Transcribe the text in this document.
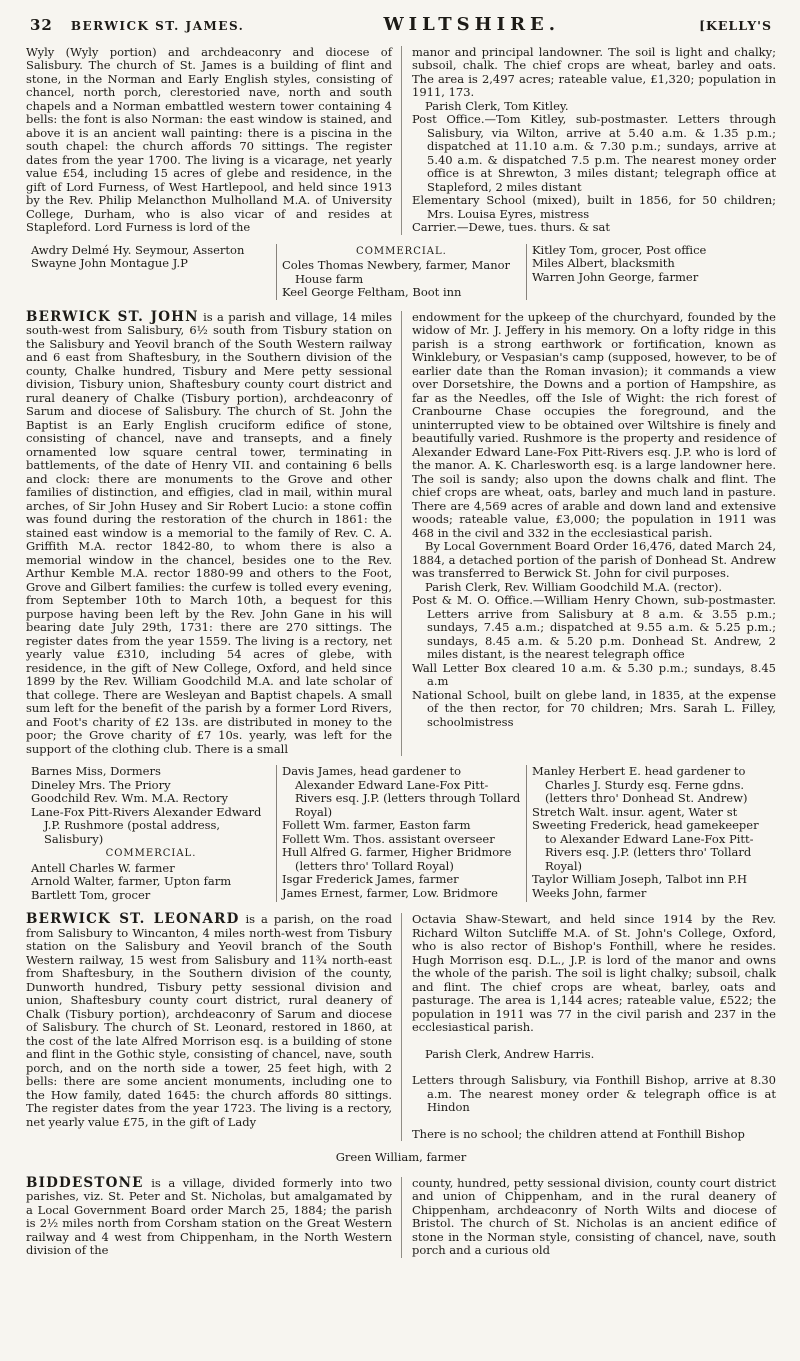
32 BERWICK ST. JAMES.	WILTSHIRE.	[KELLY'S

Wyly (Wyly portion) and archdeaconry and diocese of Salisbury. The church of St. James is a building of flint and stone, in the Norman and Early English styles, consisting of chancel, north porch, clerestoried nave, north and south chapels and a Norman embattled western tower containing 4 bells: the font is also Norman: the east window is stained, and above it is an ancient wall painting: there is a piscina in the south chapel: the church affords 70 sittings. The register dates from the year 1700. The living is a vicarage, net yearly value £54, including 15 acres of glebe and residence, in the gift of Lord Furness, of West Hartlepool, and held since 1913 by the Rev. Philip Melancthon Mulholland M.A. of University College, Durham, who is also vicar of and resides at Stapleford. Lord Furness is lord of the

manor and principal landowner. The soil is light and chalky; subsoil, chalk. The chief crops are wheat, barley and oats. The area is 2,497 acres; rateable value, £1,320; population in 1911, 173.

Parish Clerk, Tom Kitley.

Post Office.—Tom Kitley, sub-postmaster. Letters through Salisbury, via Wilton, arrive at 5.40 a.m. & 1.35 p.m.; dispatched at 11.10 a.m. & 7.30 p.m.; sundays, arrive at 5.40 a.m. & dispatched 7.5 p.m. The nearest money order office is at Shrewton, 3 miles distant; telegraph office at Stapleford, 2 miles distant

Elementary School (mixed), built in 1856, for 50 children; Mrs. Louisa Eyres, mistress

Carrier.—Dewe, tues. thurs. & sat

Awdry Delmé Hy. Seymour, Asserton

Swayne John Montague J.P

COMMERCIAL.

Coles Thomas Newbery, farmer, Manor House farm

Keel George Feltham, Boot inn

Kitley Tom, grocer, Post office

Miles Albert, blacksmith

Warren John George, farmer

BERWICK ST. JOHN is a parish and village, 14 miles south-west from Salisbury, 6½ south from Tisbury station on the Salisbury and Yeovil branch of the South Western railway and 6 east from Shaftesbury, in the Southern division of the county, Chalke hundred, Tisbury and Mere petty sessional division, Tisbury union, Shaftesbury county court district and rural deanery of Chalke (Tisbury portion), archdeaconry of Sarum and diocese of Salisbury. The church of St. John the Baptist is an Early English cruciform edifice of stone, consisting of chancel, nave and transepts, and a finely ornamented low square central tower, terminating in battlements, of the date of Henry VII. and containing 6 bells and clock: there are monuments to the Grove and other families of distinction, and effigies, clad in mail, within mural arches, of Sir John Husey and Sir Robert Lucio: a stone coffin was found during the restoration of the church in 1861: the stained east window is a memorial to the family of Rev. C. A. Griffith M.A. rector 1842-80, to whom there is also a memorial window in the chancel, besides one to the Rev. Arthur Kemble M.A. rector 1880-99 and others to the Foot, Grove and Gilbert families: the curfew is tolled every evening, from September 10th to March 10th, a bequest for this purpose having been left by the Rev. John Gane in his will bearing date July 29th, 1731: there are 270 sittings. The register dates from the year 1559. The living is a rectory, net yearly value £310, including 54 acres of glebe, with residence, in the gift of New College, Oxford, and held since 1899 by the Rev. William Goodchild M.A. and late scholar of that college. There are Wesleyan and Baptist chapels. A small sum left for the benefit of the parish by a former Lord Rivers, and Foot's charity of £2 13s. are distributed in money to the poor; the Grove charity of £7 10s. yearly, was left for the support of the clothing club. There is a small

endowment for the upkeep of the churchyard, founded by the widow of Mr. J. Jeffery in his memory. On a lofty ridge in this parish is a strong earthwork or fortification, known as Winklebury, or Vespasian's camp (supposed, however, to be of earlier date than the Roman invasion); it commands a view over Dorsetshire, the Downs and a portion of Hampshire, as far as the Needles, off the Isle of Wight: the rich forest of Cranbourne Chase occupies the foreground, and the uninterrupted view to be obtained over Wiltshire is finely and beautifully varied. Rushmore is the property and residence of Alexander Edward Lane-Fox Pitt-Rivers esq. J.P. who is lord of the manor. A. K. Charlesworth esq. is a large landowner here. The soil is sandy; also upon the downs chalk and flint. The chief crops are wheat, oats, barley and much land in pasture. There are 4,569 acres of arable and down land and extensive woods; rateable value, £3,000; the population in 1911 was 468 in the civil and 332 in the ecclesiastical parish.

By Local Government Board Order 16,476, dated March 24, 1884, a detached portion of the parish of Donhead St. Andrew was transferred to Berwick St. John for civil purposes.

Parish Clerk, Rev. William Goodchild M.A. (rector).

Post & M. O. Office.—William Henry Chown, sub-postmaster. Letters arrive from Salisbury at 8 a.m. & 3.55 p.m.; sundays, 7.45 a.m.; dispatched at 9.55 a.m. & 5.25 p.m.; sundays, 8.45 a.m. & 5.20 p.m. Donhead St. Andrew, 2 miles distant, is the nearest telegraph office

Wall Letter Box cleared 10 a.m. & 5.30 p.m.; sundays, 8.45 a.m

National School, built on glebe land, in 1835, at the expense of the then rector, for 70 children; Mrs. Sarah L. Filley, schoolmistress

Barnes Miss, Dormers

Dineley Mrs. The Priory

Goodchild Rev. Wm. M.A. Rectory

Lane-Fox Pitt-Rivers Alexander Edward J.P. Rushmore (postal address, Salisbury)

COMMERCIAL.

Antell Charles W. farmer

Arnold Walter, farmer, Upton farm

Bartlett Tom, grocer

Davis James, head gardener to Alexander Edward Lane-Fox Pitt-Rivers esq. J.P. (letters through Tollard Royal)

Follett Wm. farmer, Easton farm

Follett Wm. Thos. assistant overseer

Hull Alfred G. farmer, Higher Bridmore (letters thro' Tollard Royal)

Isgar Frederick James, farmer

James Ernest, farmer, Low. Bridmore

Manley Herbert E. head gardener to Charles J. Sturdy esq. Ferne gdns. (letters thro' Donhead St. Andrew)

Stretch Walt. insur. agent, Water st

Sweeting Frederick, head gamekeeper to Alexander Edward Lane-Fox Pitt-Rivers esq. J.P. (letters thro' Tollard Royal)

Taylor William Joseph, Talbot inn P.H

Weeks John, farmer

BERWICK ST. LEONARD is a parish, on the road from Salisbury to Wincanton, 4 miles north-west from Tisbury station on the Salisbury and Yeovil branch of the South Western railway, 15 west from Salisbury and 11¾ north-east from Shaftesbury, in the Southern division of the county, Dunworth hundred, Tisbury petty sessional division and union, Shaftesbury county court district, rural deanery of Chalk (Tisbury portion), archdeaconry of Sarum and diocese of Salisbury. The church of St. Leonard, restored in 1860, at the cost of the late Alfred Morrison esq. is a building of stone and flint in the Gothic style, consisting of chancel, nave, south porch, and on the north side a tower, 25 feet high, with 2 bells: there are some ancient monuments, including one to the How family, dated 1645: the church affords 80 sittings. The register dates from the year 1723. The living is a rectory, net yearly value £75, in the gift of Lady

Octavia Shaw-Stewart, and held since 1914 by the Rev. Richard Wilton Sutcliffe M.A. of St. John's College, Oxford, who is also rector of Bishop's Fonthill, where he resides. Hugh Morrison esq. D.L., J.P. is lord of the manor and owns the whole of the parish. The soil is light chalky; subsoil, chalk and flint. The chief crops are wheat, barley, oats and pasturage. The area is 1,144 acres; rateable value, £522; the population in 1911 was 77 in the civil parish and 237 in the ecclesiastical parish.

Parish Clerk, Andrew Harris.

Letters through Salisbury, via Fonthill Bishop, arrive at 8.30 a.m. The nearest money order & telegraph office is at Hindon

There is no school; the children attend at Fonthill Bishop

Green William, farmer

BIDDESTONE is a village, divided formerly into two parishes, viz. St. Peter and St. Nicholas, but amalgamated by a Local Government Board order March 25, 1884; the parish is 2½ miles north from Corsham station on the Great Western railway and 4 west from Chippenham, in the North Western division of the

county, hundred, petty sessional division, county court district and union of Chippenham, and in the rural deanery of Chippenham, archdeaconry of North Wilts and diocese of Bristol. The church of St. Nicholas is an ancient edifice of stone in the Norman style, consisting of chancel, nave, south porch and a curious old
